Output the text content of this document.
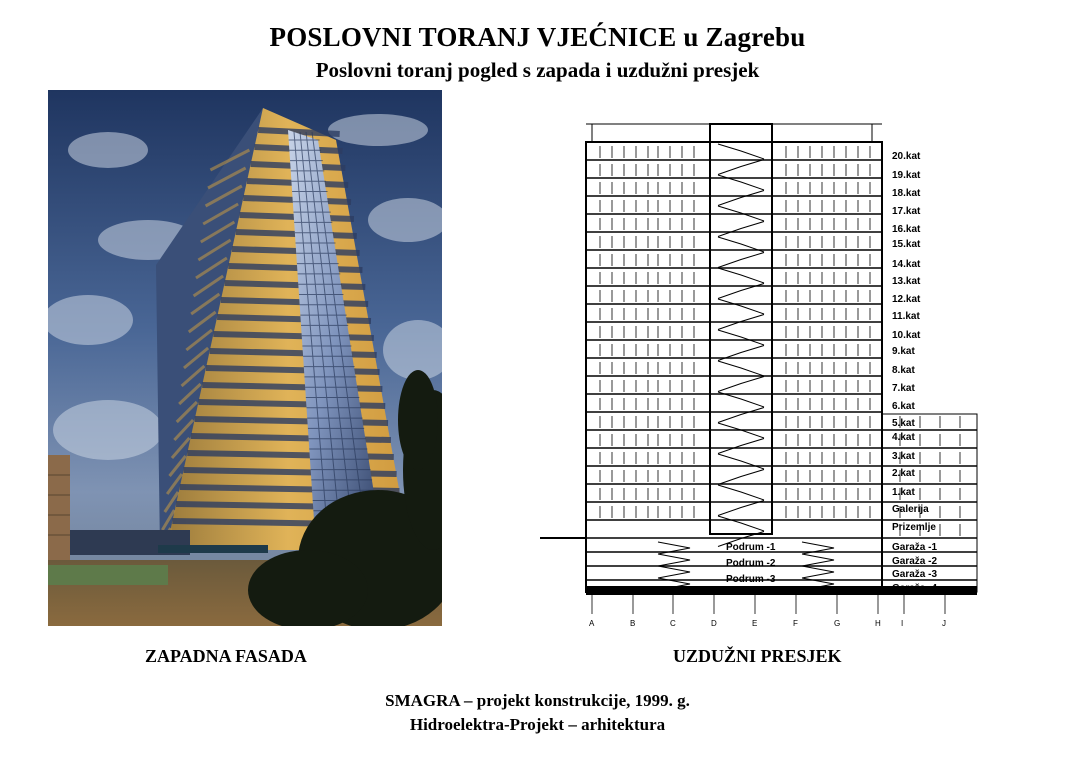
POSLOVNI TORANJ VJEĆNICE u Zagrebu
Poslovni toranj pogled s zapada i uzdužni presjek
20.kat
19.kat
18.kat
17.kat
16.kat
15.kat
14.kat
13.kat
12.kat
11.kat
10.kat
9.kat
8.kat
7.kat
6.kat
5.kat
4.kat
3.kat
2.kat
1.kat
Galerija
Prizemlje
Garaža -1
Garaža -2
Garaža -3
Podrum -1
Podrum -2
Podrum -3
A	B	C	D	E	F	G	H	I	J
ZAPADNA FASADA	UZDUŽNI PRESJEK
SMAGRA – projekt konstrukcije, 1999. g.
Hidroelektra-Projekt – arhitektura
